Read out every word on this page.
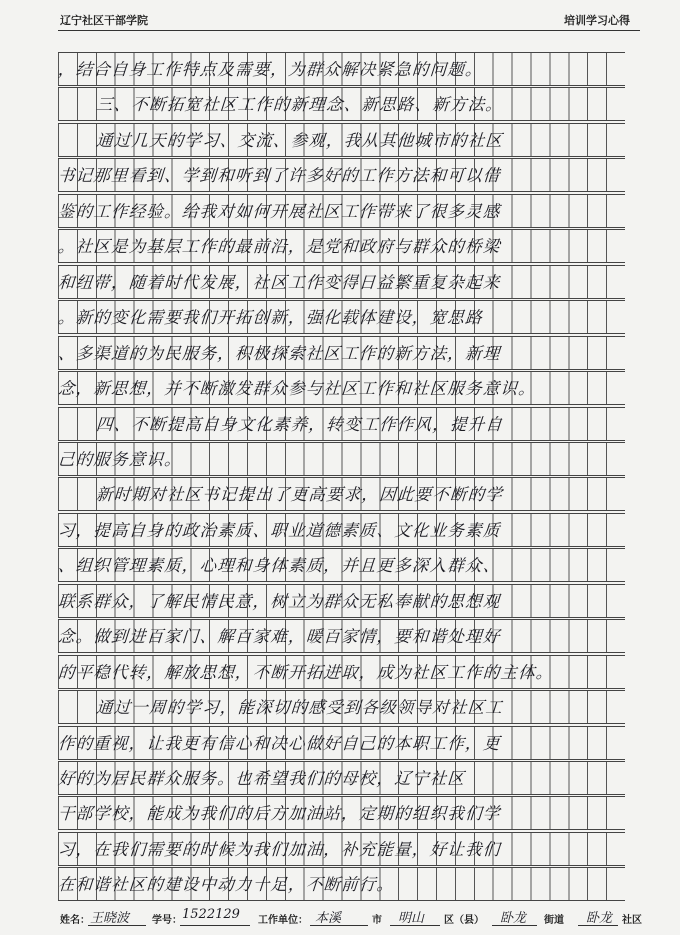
辽宁社区干部学院	培训学习心得
，结合自身工作特点及需要，为群众解决紧急的问题。
三、不断拓宽社区工作的新理念、新思路、新方法。
通过几天的学习、交流、参观，我从其他城市的社区
书记那里看到、学到和听到了许多好的工作方法和可以借
鉴的工作经验。给我对如何开展社区工作带来了很多灵感
。社区是为基层工作的最前沿，是党和政府与群众的桥梁
和纽带，随着时代发展，社区工作变得日益繁重复杂起来
。新的变化需要我们开拓创新，强化载体建设，宽思路
、多渠道的为民服务，积极探索社区工作的新方法，新理
念，新思想，并不断激发群众参与社区工作和社区服务意识。
四、不断提高自身文化素养，转变工作作风，提升自
己的服务意识。
新时期对社区书记提出了更高要求，因此要不断的学
习，提高自身的政治素质、职业道德素质、文化业务素质
、组织管理素质，心理和身体素质，并且更多深入群众、
联系群众，了解民情民意，树立为群众无私奉献的思想观
念。做到进百家门、解百家难，暖百家情，要和谐处理好
的平稳代转，解放思想，不断开拓进取，成为社区工作的主体。
通过一周的学习，能深切的感受到各级领导对社区工
作的重视，让我更有信心和决心做好自己的本职工作，更
好的为居民群众服务。也希望我们的母校，辽宁社区
干部学校，能成为我们的后方加油站，定期的组织我们学
习，在我们需要的时候为我们加油，补充能量，好让我们
在和谐社区的建设中动力十足，不断前行。
姓名： 王晓波 学号： 1522129 工作单位： 本溪	市 明山 区（县） 卧龙 街道 卧龙 社区
